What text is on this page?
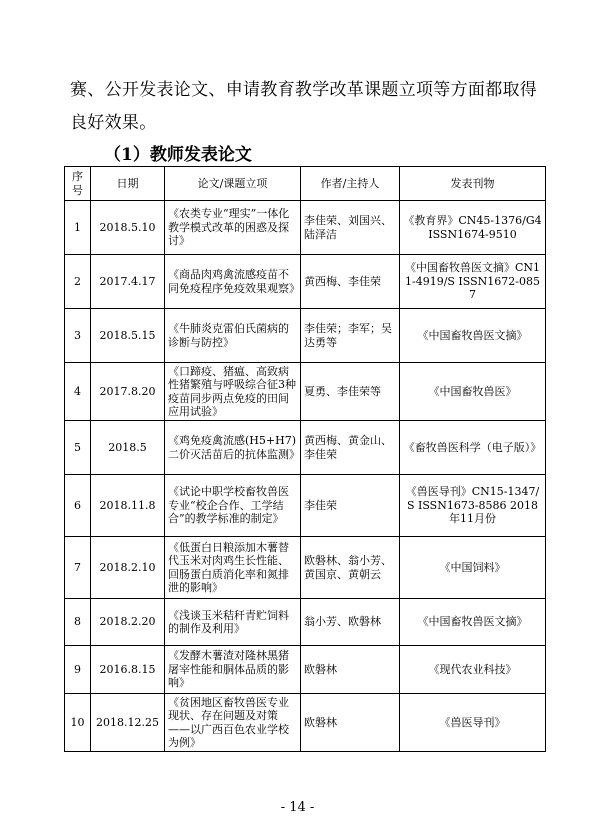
赛、公开发表论文、申请教育教学改革课题立项等方面都取得良好效果。
（1）教师发表论文
序号	日期	论文/课题立项	作者/主持人	发表刊物
1	2018.5.10	《农类专业“理实”一体化教学模式改革的困惑及探讨》	李佳荣、刘国兴、陆泽洁	《教育界》CN45-1376/G4 ISSN1674-9510
2	2017.4.17	《商品肉鸡禽流感疫苗不同免疫程序免疫效果观察》	黄西梅、李佳荣	《中国畜牧兽医文摘》CN11-4919/S ISSN1672-0857
3	2018.5.15	《牛肺炎克雷伯氏菌病的诊断与防控》	李佳荣；李军；吴达勇等	《中国畜牧兽医文摘》
4	2017.8.20	《口蹄疫、猪瘟、高致病性猪繁殖与呼吸综合征3种疫苗同步两点免疫的田间应用试验》	夏勇、李佳荣等	《中国畜牧兽医》
5	2018.5	《鸡免疫禽流感(H5+H7)二价灭活苗后的抗体监测》	黄西梅、黄金山、李佳荣	《畜牧兽医科学（电子版）》
6	2018.11.8	《试论中职学校畜牧兽医专业“校企合作、工学结合”的教学标准的制定》	李佳荣	《兽医导刊》CN15-1347/S ISSN1673-8586 2018年11月份
7	2018.2.10	《低蛋白日粮添加木薯替代玉米对肉鸡生长性能、回肠蛋白质消化率和氮排泄的影响》	欧磐林、翁小芳、黄国京、黄朝云	《中国饲料》
8	2018.2.20	《浅谈玉米秸秆青贮饲料的制作及利用》	翁小芳、欧磐林	《中国畜牧兽医文摘》
9	2016.8.15	《发酵木薯渣对隆林黑猪屠宰性能和胴体品质的影响》	欧磐林	《现代农业科技》
10	2018.12.25	《贫困地区畜牧兽医专业现状、存在问题及对策——以广西百色农业学校为例》	欧磐林	《兽医导刊》
- 14 -
